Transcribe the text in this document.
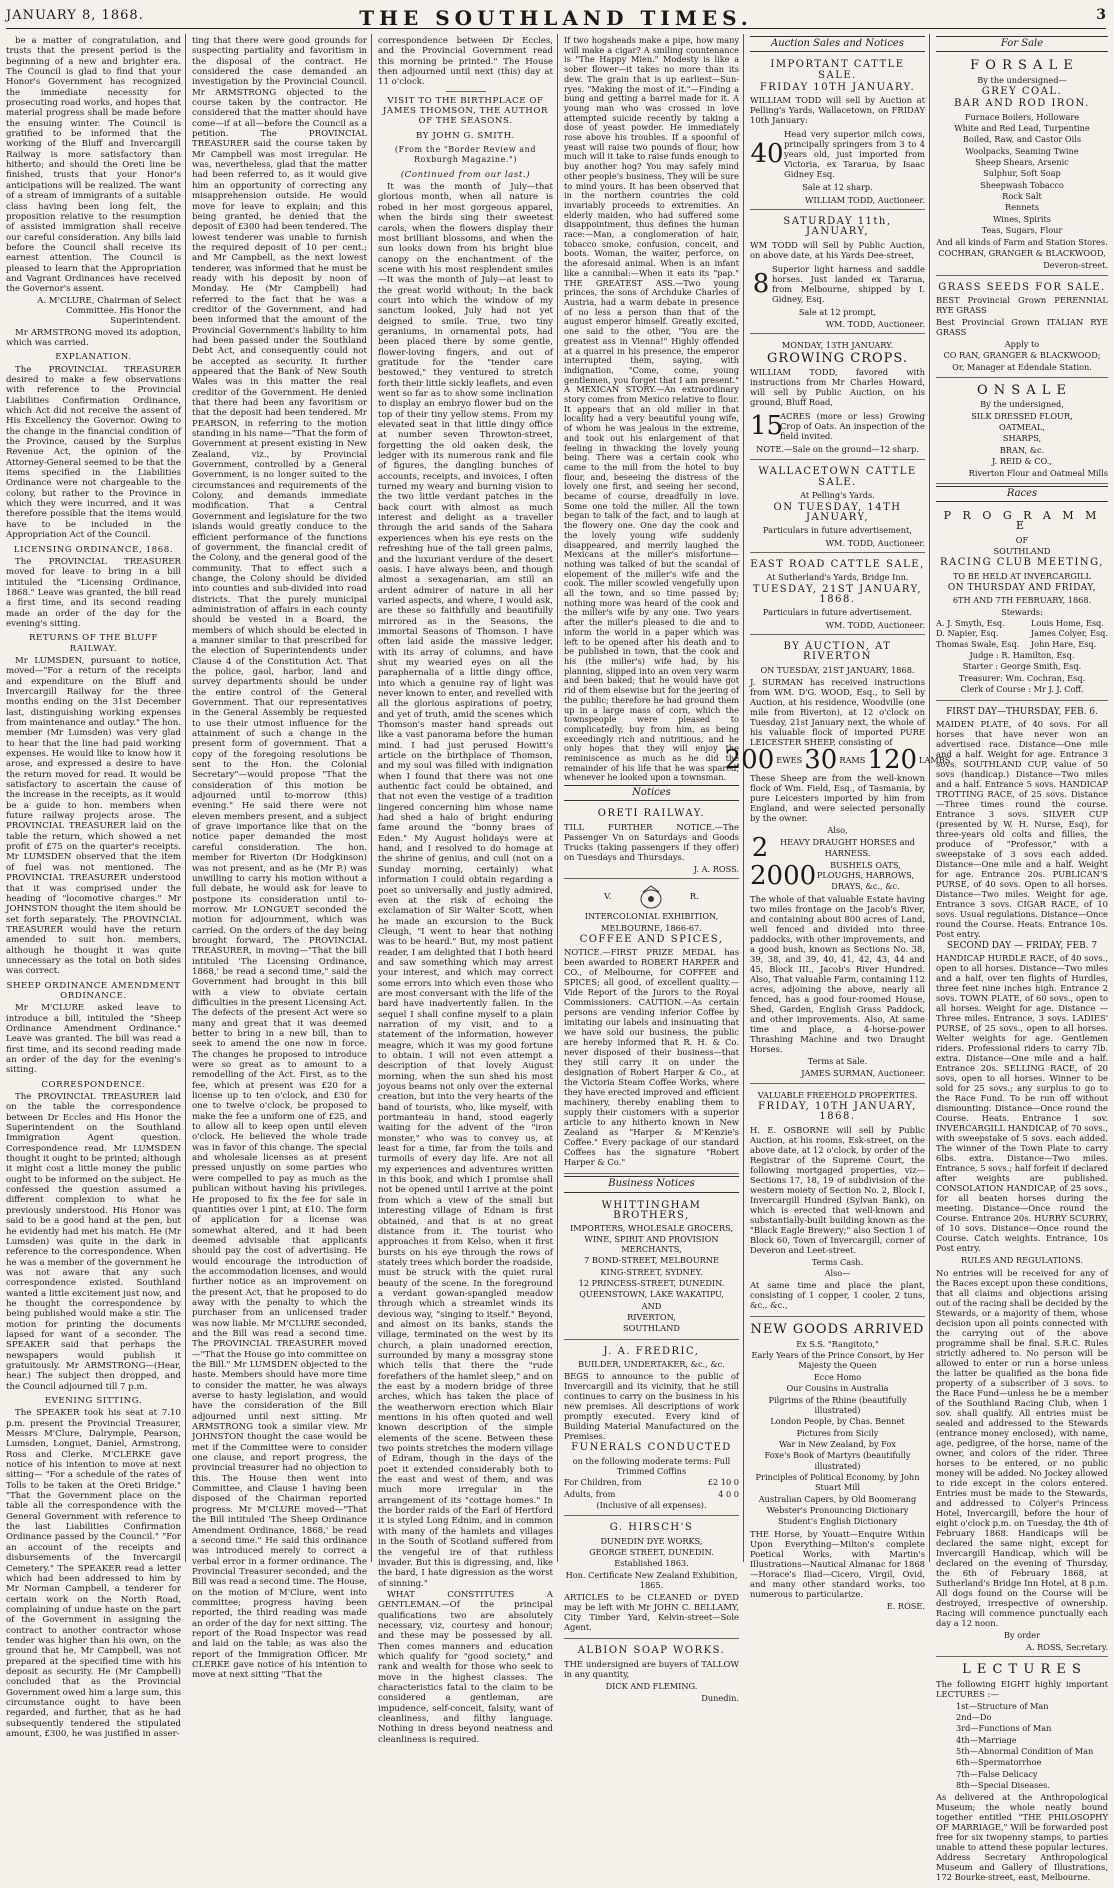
JANUARY 8, 1868.	THE SOUTHLAND TIMES.	3

be a matter of congratulation, and trusts that the present period is the beginning of a new and brighter era. The Council is glad to find that your Honor's Government has recognized the immediate necessity for prosecuting road works, and hopes that material progress shall be made before the ensuing winter. The Council is gratified to be informed that the working of the Bluff and Invercargill Railway is more satisfactory than hitherto; and should the Oreti line be finished, trusts that your Honor's anticipations will be realized. The want of a stream of immigrants of a suitable class having been long felt, the proposition relative to the resumption of assisted immigration shall receive our careful consideration. Any bills laid before the Council shall receive its earnest attention. The Council is pleased to learn that the Appropriation and Vagrant Ordinances have received the Governor's assent.

A. M'CLURE, Chairman of Select Committee. His Honor the Superintendent.

Mr ARMSTRONG moved its adoption, which was carried.

EXPLANATION.

The PROVINCIAL TREASURER desired to make a few observations with reference to the Provincial Liabilities Confirmation Ordinance, which Act did not receive the assent of His Excellency the Governor. Owing to the change in the financial condition of the Province, caused by the Surplus Revenue Act, the opinion of the Attorney-General seemed to be that the items specified in the Liabilities Ordinance were not chargeable to the colony, but rather to the Province in which they were incurred, and it was therefore possible that the items would have to be included in the Appropriation Act of the Council.

LICENSING ORDINANCE, 1868.

The PROVINCIAL TREASURER moved for leave to bring in a bill intituled the "Licensing Ordinance, 1868." Leave was granted, the bill read a first time, and its second reading made an order of the day for the evening's sitting.

RETURNS OF THE BLUFF RAILWAY.

Mr LUMSDEN, pursuant to notice, moved—"For a return of the receipts and expenditure on the Bluff and Invercargill Railway for the three months ending on the 31st December last, distinguishing working expenses from maintenance and outlay." The hon. member (Mr Lumsden) was very glad to hear that the line had paid working expenses. He would like to know how it arose, and expressed a desire to have the return moved for read. It would be satisfactory to ascertain the cause of the increase in the receipts, as it would be a guide to hon. members when future railway projects arose. The PROVINCIAL TREASURER laid on the table the return, which showed a net profit of £75 on the quarter's receipts. Mr LUMSDEN observed that the item of fuel was not mentioned. The PROVINCIAL TREASURER understood that it was comprised under the heading of "locomotive charges." Mr JOHNSTON thought the item should be set forth separately. The PROVINCIAL TREASURER would have the return amended to suit hon. members, although he thought it was quite unnecessary as the total on both sides was correct.

SHEEP ORDINANCE AMENDMENT ORDINANCE.

Mr M'CLURE asked leave to introduce a bill, intituled the "Sheep Ordinance Amendment Ordinance." Leave was granted. The bill was read a first time, and its second reading made an order of the day for the evening's sitting.

CORRESPONDENCE.

The PROVINCIAL TREASURER laid on the table the correspondence between Dr Eccles and His Honor the Superintendent on the Southland Immigration Agent question. Correspondence read. Mr LUMSDEN thought it ought to be printed; although it might cost a little money the public ought to be informed on the subject. He confessed the question assumed a different complexion to what he previously understood. His Honor was said to be a good hand at the pen, but he evidently had met his match. He (Mr Lumsden) was quite in the dark in reference to the correspondence. When he was a member of the government he was not aware that any such correspondence existed. Southland wanted a little excitement just now, and he thought the correspondence by being published would make a stir. The motion for printing the documents lapsed for want of a seconder. The SPEAKER said that perhaps the newspapers would publish it gratuitously. Mr ARMSTRONG—(Hear, hear.) The subject then dropped, and the Council adjourned till 7 p.m.

EVENING SITTING.

The SPEAKER took his seat at 7.10 p.m. present the Provincial Treasurer, Messrs M'Clure, Dalrymple, Pearson, Lumsden, Longuet, Daniel, Armstrong, Ross and Clerke. M'CLERKE gave notice of his intention to move at next sitting— "For a schedule of the rates of Tolls to be taken at the Oreti Bridge." "That the Government place on the table all the correspondence with the General Government with reference to the last Liabilities Confirmation Ordinance passed by the Council." "For an account of the receipts and disbursements of the Invercargil Cemetery." The SPEAKER read a letter which had been addressed to him by Mr Norman Campbell, a tenderer for certain work on the North Road, complaining of undue haste on the part of the Government in assigning the contract to another contractor whose tender was higher than his own, on the ground that he, Mr Campbell, was not prepared at the specified time with his deposit as security. He (Mr Campbell) concluded that as the Provincial Government owed him a large sum, this circumstance ought to have been regarded, and further, that as he had subsequently tendered the stipulated amount, £300, he was justified in asser-

ting that there were good grounds for suspecting partiality and favoritism in the disposal of the contract. He considered the case demanded an investigation by the Provincial Council. Mr ARMSTRONG objected to the course taken by the contractor. He considered that the matter should have come—if at all—before the Council as a petition. The PROVINCIAL TREASURER said the course taken by Mr Campbell was most irregular. He was, nevertheless, glad that the matter had been referred to, as it would give him an opportunity of correcting any misapprehension outside. He would move for leave to explain; and this being granted, he denied that the deposit of £300 had been tendered. The lowest tenderer was unable to furnish the required deposit of 10 per cent.; and Mr Campbell, as the next lowest tenderer, was informed that he must be ready with his deposit by noon of Monday. He (Mr Campbell) had referred to the fact that he was a creditor of the Government, and had been informed that the amount of the Provincial Government's liability to him had been passed under the Southland Debt Act, and consequently could not be accepted as security. It further appeared that the Bank of New South Wales was in this matter the real creditor of the Government. He denied that there had been any favoritism or that the deposit had been tendered. Mr PEARSON, in referring to the motion standing in his name—"That the form of Government at present existing in New Zealand, viz., by Provincial Government, controlled by a General Government, is no longer suited to the circumstances and requirements of the Colony, and demands immediate modification. That a Central Government and legislature for the two islands would greatly conduce to the efficient performance of the functions of government, the financial credit of the Colony, and the general good of the community. That to effect such a change, the Colony should be divided into counties and sub-divided into road districts. That the purely municipal administration of affairs in each county should be vested in a Board, the members of which should be elected in a manner similar to that prescribed for the election of Superintendents under Clause 4 of the Constitution Act. That the police, gaol, harbor, land and survey departments should be under the entire control of the General Government. That our representatives in the General Assembly be requested to use their utmost influence for the attainment of such a change in the present form of government. That a copy of the foregoing resolutions be sent to the Hon. the Colonial Secretary"—would propose "That the consideration of this motion be adjourned until to-morrow (this) evening." He said there were not eleven members present, and a subject of grave importance like that on the notice paper demanded the most careful consideration. The hon. member for Riverton (Dr Hodgkinson) was not present, and as he (Mr P.) was unwilling to carry his motion without a full debate, he would ask for leave to postpone its consideration until to-morrow. Mr LONGUET seconded the motion for adjournment, which was carried. On the orders of the day being brought forward, The PROVINCIAL TREASURER, in moving—"That the bill intituled 'The Licensing Ordinance, 1868,' be read a second time," said the Government had brought in this bill with a view to obviate certain difficulties in the present Licensing Act. The defects of the present Act were so many and great that it was deemed better to bring in a new bill, than to seek to amend the one now in force. The changes he proposed to introduce were so great as to amount to a remodelling of the Act. First, as to the fee, which at present was £20 for a license up to ten o'clock, and £30 for one to twelve o'clock, be proposed to make the fee a uniform one of £25, and to allow all to keep open until eleven o'clock. He believed the whole trade was in favor of this change. The special and wholesale licenses as at present pressed unjustly on some parties who were compelled to pay as much as the publican without having his privileges. He proposed to fix the fee for sale in quantities over 1 pint, at £10. The form of application for a license was somewhat altered, and it had been deemed advisable that applicants should pay the cost of advertising. He would encourage the introduction of the accommodation licenses, and would further notice as an improvement on the present Act, that he proposed to do away with the penalty to which the purchaser from an unlicensed trader was now liable. Mr M'CLURE seconded, and the Bill was read a second time. The PROVINCIAL TREASURER moved—"That the House go into committee on the Bill." Mr LUMSDEN objected to the haste. Members should have more time to consider the matter, he was always averse to hasty legislation, and would have the consideration of the Bill adjourned until next sitting. Mr ARMSTRONG took a similar view. Mr JOHNSTON thought the case would be met if the Committee were to consider one clause, and report progress, the provincial treasurer had no objection to this. The House then went into Committee, and Clause 1 having been disposed of the Chairman reported progress. Mr M'CLURE moved—"That the Bill intituled 'The Sheep Ordinance Amendment Ordinance, 1868,' be read a second time." He said this ordinance was introduced merely to correct a verbal error in a former ordinance. The Provincial Treasurer seconded, and the Bill was read a second time. The House, on the motion of M'Clure, went into committee; progress having been reported, the third reading was made an order of the day for next sitting. The report of the Road Inspector was read and laid on the table; as was also the report of the Immigration Officer. Mr CLERKE gave notice of his intention to move at next sitting "That the

correspondence between Dr Eccles, and the Provincial Government read this morning be printed." The House then adjourned until next (this) day at 11 o'clock.

VISIT TO THE BIRTHPLACE OF JAMES THOMSON, THE AUTHOR OF THE SEASONS.
BY JOHN G. SMITH.
(From the "Border Review and Roxburgh Magazine.")
(Continued from our last.)

It was the month of July—that glorious month, when all nature is robed in her most gorgeous apparel, when the birds sing their sweetest carols, when the flowers display their most brilliant blossoms, and when the sun looks down from his bright blue canopy on the enchantment of the scene with his most resplendent smiles—It was the month of July—at least to the great world without; In the back court into which the window of my sanctum looked, July had not yet deigned to smile. True, two tiny geraniums, in ornamental pots, had been placed there by some gentle, flower-loving fingers, and out of gratitude for the "tender care bestowed," they ventured to stretch forth their little sickly leaflets, and even went so far as to show some inclination to display an embryo flower bud on the top of their tiny yellow stems. From my elevated seat in that little dingy office at number seven Throwton-street, forgetting the old oaken desk, the ledger with its numerous rank and file of figures, the dangling bunches of accounts, receipts, and invoices, I often turned my weary and burning vision to the two little verdant patches in the back court with almost as much interest and delight as a traveller through the arid sands of the Sahara experiences when his eye rests on the refreshing hue of the tall green palms, and the luxuriant verdure of the desert oasis. I have always been, and though almost a sexagenarian, am still an ardent admirer of nature in all her varied aspects, and where, I would ask, are these so faithfully and beautifully mirrored as in the Seasons, the immortal Seasons of Thomson. I have often laid aside the massive ledger, with its array of columns, and have shut my wearied eyes on all the paraphernalia of a little dingy office, into which a genuine ray of light was never known to enter, and revelled with all the glorious aspirations of poetry, and yet of truth, amid the scenes which Thomson's master hand spreads out like a vast panorama before the human mind. I had just perused Howitt's article on the birthplace of Thomson, and my soul was filled with indignation when I found that there was not one authentic fact could be obtained, and that not even the vestige of a tradition lingered concerning him whose name had shed a halo of bright enduring fame around the "bonny braes of Eden." My August holidays were at hand, and I resolved to do homage at the shrine of genius, and cull (not on a Sunday morning, certainly) what information I could obtain regarding a poet so universally and justly admired, even at the risk of echoing the exclamation of Sir Walter Scott, when he made an excursion to the Buck Cleugh, "I went to hear that nothing was to be heard." But, my most patient reader, I am delighted that I both heard and saw something which may arrest your interest, and which may correct some errors into which even those who are most conversant with the life of the bard have inadvertently fallen. In the sequel I shall confine myself to a plain narration of my visit, and to a statement of the information, however meagre, which it was my good fortune to obtain. I will not even attempt a description of that lovely August morning, when the sun shed his most joyous beams not only over the external creation, but into the very hearts of the band of tourists, who, like myself, with portmanteau in hand, stood eagerly waiting for the advent of the "iron monster," who was to convey us, at least for a time, far from the toils and turmoils of every day life. Are not all my experiences and adventures written in this book, and which I promise shall not be opened until I arrive at the point from which a view of the small but interesting village of Ednam is first obtained, and that is at no great distance from it. The tourist who approaches it from Kelso, when it first bursts on his eye through the rows of stately trees which border the roadside, must be struck with the quiet rural beauty of the scene. In the foreground a verdant gowan-spangled meadow through which a streamlet winds its devious way, "singing to itself." Beyond, and almost on its banks, stands the village, terminated on the west by its church, a plain unadorned erection, surrounded by many a mossgray stone which tells that there the "rude forefathers of the hamlet sleep," and on the east by a modern bridge of three arches, which has taken the place of the weatherworn erection which Blair mentions in his often quoted and well known description of the simple elements of the scene. Between these two points stretches the modern village of Edram, though in the days of the poet it extended considerably both to the east and west of them, and was much more irregular in the arrangement of its "cottage homes." In the border raids of the Earl of Hertford it is styled Long Ednim, and in common with many of the hamlets and villages in the South of Scotland suffered from the vengeful ire of that ruthless invader. But this is digressing, and, like the bard, I hate digression as the worst of sinning."

WHAT CONSTITUTES A GENTLEMAN.—Of the principal qualifications two are absolutely necessary, viz, courtesy and honour; and these may be possessed by all. Then comes manners and education which qualify for "good society," and rank and wealth for those who seek to move in the highest classes. The characteristics fatal to the claim to be considered a gentleman, are impudence, self-conceit, falsity, want of cleanliness, and filthy language. Nothing in dress beyond neatness and cleanliness is required.

If two hogsheads make a pipe, how many will make a cigar? A smiling countenance is "The Happy Mien." Modesty is like a sober flower—it takes no more than its dew. The grain that is up earliest—Sun-ryes. "Making the most of it."—Finding a bung and getting a barrel made for it. A young man who was crossed in love attempted suicide recently by taking a dose of yeast powder. He immediately rose above his troubles. If a spoonful of yeast will raise two pounds of flour, how much will it take to raise funds enough to buy another hog? You may safely mind other people's business, They will be sure to mind yours. It has been observed that in the northern countries the cold invariably proceeds to extremities. An elderly maiden, who had suffered some disappointment, thus defines the human race:—Man, a conglomeration of hair, tobacco smoke, confusion, conceit, and boots. Woman, the waiter, perforce, on the aforesaid animal. When is an infant like a cannibal:—When it eats its "pap." THE GREATEST ASS.—Two young princes, the sons of Archduke Charles of Austria, had a warm debate in presence of no less a person than that of the august emperor himself. Greatly excited, one said to the other, "You are the greatest ass in Vienna!" Highly offended at a quarrel in his presence, the emperor interrupted them, saying, with indignation, "Come, come, young gentlemen, you forget that I am present." A MEXICAN STORY.—An extraordinary story comes from Mexico relative to flour. It appears that an old miller in that locality had a very beautiful young wife, of whom he was jealous in the extreme, and took out his enlargement of that feeling in thwacking the lovely young being. There was a certain cook who came to the mill from the hotel to buy flour, and, beseeing the distress of the lovely one first, and seeing her second, became of course, dreadfully in love. Some one told the miller. All the town began to talk of the fact, and to laugh at the flowery one. One day the cook and the lovely young wife suddenly disappeared, and merrily laughed the Mexicans at the miller's misfortune—nothing was talked of but the scandal of elopement of the miller's wife and the cook. The miller scowled vengefully upon all the town, and so time passed by; nothing more was heard of the cook and the miller's wife by any one. Two years after the miller's pleased to die and to inform the world in a paper which was left to be opened after his death and to be published in town, that the cook and his (the miller's) wife had, by his planning, slipped into an oven very warm and been baked; that he would have got rid of them elsewise but for the jeering of the public; therefore he had ground them up in a large mass of corn, which the townspeople were pleased to complicatedly, buy from him, as being exceedingly rich and nutritious, and he only hopes that they will enjoy the reminiscence as much as he did the remainder of his life that he was spared, whenever he looked upon a townsman.

Notices
ORETI RAILWAY.
TILL FURTHER NOTICE.—The Passenger Vn on Saturdays and Goods Trucks (taking passengers if they offer) on Tuesdays and Thursdays.
J. A. ROSS.
V.	R.
INTERCOLONIAL EXHIBITION,
MELBOURNE, 1866-67.
COFFEE AND SPICES,
NOTICE.—FIRST PRIZE MEDAL has been awarded to ROBERT HARPER and CO., of Melbourne, for COFFEE and SPICES; all good, of excellent quality.—Vide Report of the Jurors to the Royal Commissioners. CAUTION.—As certain persons are vending inferior Coffee by imitating our labels and insinuating that we have sold our business, the public are hereby informed that R. H. & Co. never disposed of their business—that they still carry it on under the designation of Robert Harper & Co., at the Victoria Steam Coffee Works, where they have erected improved and efficient machinery, thereby enabling them to supply their customers with a superior article to any hitherto known in New Zealand as "Harper & M'Kenzie's Coffee." Every package of our standard Coffees has the signature "Robert Harper & Co."
Business Notices
WHITTINGHAM BROTHERS,
IMPORTERS, WHOLESALE GROCERS, WINE, SPIRIT AND PROVISION MERCHANTS,
7 BOND-STREET, MELBOURNE
KING-STREET, SYDNEY.
12 PRINCESS-STREET, DUNEDIN.
QUEENSTOWN, LAKE WAKATIPU,
AND
RIVERTON,
SOUTHLAND
J. A. FREDRIC,
BUILDER, UNDERTAKER, &c., &c.
BEGS to announce to the public of Invercargill and its vicinity, that he still continues to carry on the business in his new premises. All descriptions of work promptly executed. Every kind of Building Material Manufactured on the Premises.
FUNERALS CONDUCTED
on the following moderate terms: Full Trimmed Coffins
For Children, from	£2 10 0
Adults, from	4 0 0
(Inclusive of all expenses).
G. HIRSCH'S
DUNEDIN DYE WORKS,
GEORGE STREET, DUNEDIN.
Established 1863.
Hon. Certificate New Zealand Exhibition, 1865.
ARTICLES to be CLEANED or DYED may be left with Mr JOHN C. BELLAMY, City Timber Yard, Kelvin-street—Sole Agent.
ALBION SOAP WORKS.
THE undersigned are buyers of TALLOW in any quantity,
DICK AND FLEMING.
Dunedin.
Auction Sales and Notices
IMPORTANT CATTLE SALE.
FRIDAY 10TH JANUARY.
WILLIAM TODD will sell by Auction at Pelling's Yards, Wallacetown, on FRIDAY 10th January:
40
Head very superior milch cows, principally springers from 3 to 4 years old, just imported from Victoria, ex Tararua, by Isaac Gidney Esq.
Sale at 12 sharp.
WILLIAM TODD, Auctioneer.
SATURDAY 11th, JANUARY,
WM TODD will Sell by Public Auction, on above date, at his Yards Dee-street,
8 Superior light harness and saddle horses. Just landed ex Tararua, from Melbourne, shipped by I. Gidney, Esq.
Sale at 12 prompt,
WM. TODD, Auctioneer.
MONDAY, 13TH JANUARY.
GROWING CROPS.
WILLIAM TODD, favored with instructions from Mr Charles Howard, will sell by Public Auction, on his ground, Bluff Road,
15
ACRES (more or less) Growing Crop of Oats. An inspection of the field invited.
NOTE.—Sale on the ground—12 sharp.
WALLACETOWN CATTLE SALE.
At Pelling's Yards.
ON TUESDAY, 14TH JANUARY,
Particulars in future advertisement,
WM. TODD, Auctioneer.
EAST ROAD CATTLE SALE,
At Sutherland's Yards, Bridge Inn.
TUESDAY, 21ST JANUARY, 1868.
Particulars in future advertisement.
WM. TODD, Auctioneer.
BY AUCTION, AT RIVERTON
ON TUESDAY, 21ST JANUARY, 1868.
J. SURMAN has received instructions from WM. D'G. WOOD, Esq., to Sell by Auction, at his residence, Woodville (one mile from Riverton), at 12 o'clock on Tuesday, 21st January next, the whole of his valuable flock of imported PURE LEICESTER SHEEP, consisting of
200 EWES 30 RAMS 120 LAMBS
These Sheep are from the well-known flock of Wm. Field, Esq., of Tasmania, by pure Leicesters imported by him from England, and were selected personally by the owner.
Also,
2	HEAVY DRAUGHT HORSES and HARNESS.
2000	BUSHELS OATS, PLOUGHS, HARROWS, DRAYS, &c., &c.
The whole of that valuable Estate having two miles frontage on the Jacob's River, and containing about 800 acres of Land, well fenced and divided into three paddocks, with other improvements, and a good bush, known as Sections No. 38, 39, 38, and 39, 40, 41, 42, 43, 44 and 45, Block III., Jacob's River Hundred. Also, That valuable Farm, containing 112 acres, adjoining the above, nearly all fenced, has a good four-roomed House, Shed, Garden, English Grass Paddock, and other improvements. Also, At same time and place, a 4-horse-power Thrashing Machine and two Draught Horses.
Terms at Sale.
JAMES SURMAN, Auctioneer.
VALUABLE FREEHOLD PROPERTIES.
FRIDAY, 10TH JANUARY, 1868.
H. E. OSBORNE will sell by Public Auction, at his rooms, Esk-street, on the above date, at 12 o'clock, by order of the Registrar of the Supreme Court, the following mortgaged properties, viz— Sections 17, 18, 19 of subdivision of the western moiety of Section No. 2, Block I, Invercargill Hundred (Sylvan Bank), on which is erected that well-known and substantially-built building known as the "Black Eagle Brewery;" also Section 1 of Block 60, Town of Invercargill, corner of Deveron and Leet-street.
Terms Cash.
Also—
At same time and place the plant, consisting of 1 copper, 1 cooler, 2 tuns, &c., &c.,
NEW GOODS ARRIVED
Ex S.S. "Rangitoto,"
Early Years of the Prince Consort, by Her Majesty the Queen
Ecce Homo
Our Cousins in Australia
Pilgrims of the Rhine (beautifully illustrated)
London People, by Chas. Bennet
Pictures from Sicily
War in New Zealand, by Fox
Foxe's Book of Martyrs (beautifully illustrated)
Principles of Political Economy, by John Stuart Mill
Australian Capers, by Old Boomerang
Webster's Pronouncing Dictionary
Student's English Dictionary
THE Horse, by Youatt—Enquire Within Upon Everything—Milton's complete Poetical Works, with Martin's Illustrations—Nautical Almanac for 1868—Horace's Iliad—Cicero, Virgil, Ovid, and many other standard works, too numerous to particularize.
E. ROSE.
For Sale
F O R S A L E
By the undersigned—
GREY COAL.
BAR AND ROD IRON.
Furnace Boilers, Holloware
White and Red Lead, Turpentine
Boiled, Raw, and Castor Oils
Woolpacks, Seaming Twine
Sheep Shears, Arsenic
Sulphur, Soft Soap
Sheepwash Tobacco
Rock Salt
Rennets
Wines, Spirits
Teas, Sugars, Flour
And all kinds of Farm and Station Stores.
COCHRAN, GRANGER & BLACKWOOD,
Deveron-street.
GRASS SEEDS FOR SALE.
BEST Provincial Grown PERENNIAL RYE GRASS
Best Provincial Grown ITALIAN RYE GRASS
Apply to
CO RAN, GRANGER & BLACKWOOD;
Or, Manager at Edendale Station.
O N S A L E
By the undersigned,
SILK DRESSED FLOUR,
OATMEAL,
SHARPS,
BRAN, &c.
J. REID & CO.,
Riverton Flour and Oatmeal Mills
Races
P R O G R A M M E
OF
SOUTHLAND
RACING CLUB MEETING,
TO BE HELD AT INVERCARGILL
ON THURSDAY AND FRIDAY,
6TH AND 7TH FEBRUARY, 1868.
Stewards:
A. J. Smyth, Esq.
D. Napier, Esq.
Thomas Swale, Esq.
Louis Home, Esq.
James Colyer, Esq.
John Hare, Esq.
Judge : R. Hamilton, Esq.
Starter : George Smith, Esq.
Treasurer: Wm. Cochran, Esq.
Clerk of Course : Mr J. J. Coff.
FIRST DAY—THURSDAY, FEB. 6.
MAIDEN PLATE, of 40 sovs. For all horses that have never won an advertised race. Distance—One mile and a half. Weight for age. Entrance 3 sovs. SOUTHLAND CUP, value of 50 sovs (handicap.) Distance—Two miles and a half. Entrance 5 sovs. HANDICAP TROTTING RACE, of 25 sovs. Distance—Three times round the course. Entrance 3 sovs. SILVER CUP (presented by W. H. Nurse, Esq), for three-years old colts and fillies, the produce of "Professor," with a sweepstake of 3 sovs each added. Distance—One mile and a half. Weight for age. Entrance 20s. PUBLICAN'S PURSE, of 40 sovs. Open to all horses. Distance—Two miles. Weight for age. Entrance 3 sovs. CIGAR RACE, of 10 sovs. Usual regulations. Distance—Once round the Course. Heats. Entrance 10s. Post entry.
SECOND DAY — FRIDAY, FEB. 7
HANDICAP HURDLE RACE, of 40 sovs., open to all horses. Distance—Two miles and a half, over ten flights of Hurdles, three feet nine inches high. Entrance 2 sovs. TOWN PLATE, of 60 sovs., open to all horses. Weight for age. Distance — Three miles. Entrance, 3 sovs. LADIES' PURSE, of 25 sovs., open to all horses. Welter weights for age. Gentlemen riders. Professional riders to carry 7lb. extra. Distance—One mile and a half. Entrance 20s. SELLING RACE, of 20 sovs, open to all horses. Winner to be sold for 25 sovs.; any surplus to go to the Race Fund. To be run off without dismounting. Distance—Once round the Course. Heats. Entrance 1 sov. INVERCARGILL HANDICAP, of 70 sovs., with sweepstake of 5 sovs. each added. The winner of the Town Plate to carry 6lbs. extra. Distance—Two miles. Entrance, 5 sovs.; half forfeit if declared after weights are published. CONSOLATION HANDICAP, of 25 sovs., for all beaten horses during the meeting. Distance—Once round the Course. Entrance 20s. HURRY SCURRY, of 10 sovs. Distance—Once round the Course. Catch weights. Entrance, 10s Post entry.
RULES AND REGULATIONS.
No entries will be received for any of the Races except upon these conditions, that all claims and objections arising out of the racing shall be decided by the Stewards, or a majority of them, whose decision upon all points connected with the carrying out of the above programme shall be final. S.R.C. Rules strictly adhered to. No person will be allowed to enter or run a horse unless the latter be qualified as the bona fide property of a subscriber of 3 sovs. to the Race Fund—unless he be a member of the Southland Racing Club, when 1 sov. shall qualify. All entries must be sealed and addressed to the Stewards (entrance money enclosed), with name, age, pedigree, of the horse, name of the owner, and colors of the rider. Three horses to be entered, or no public money will be added. No Jockey allowed to ride except in the colors entered. Entries must be made to the Stewards, and addressed to Colyer's Princess Hotel, Invercargill, before the hour of eight o'clock p.m. on Tuesday, the 4th of February 1868. Handicaps will be declared the same night, except for Invercargill Handicap, which will be declared on the evening of Thursday, the 6th of February 1868, at Sutherland's Bridge Inn Hotel, at 8 p.m. All dogs found on the Course will be destroyed, irrespective of ownership. Racing will commence punctually each day a 12 noon.
By order
A. ROSS, Secretary.
L E C T U R E S
The following EIGHT highly important LECTURES :—
1st—Structure of Man
2nd—Do
3rd—Functions of Man
4th—Marriage
5th—Abnormal Condition of Man
6th—Spermatorrhoe
7th—False Delicacy
8th—Special Diseases.
As delivered at the Anthropological Museum; the whole neatly bound together entitled "THE PHILOSOPHY OF MARRIAGE," Will be forwarded post free for six twopenny stamps, to parties unable to attend these popular lectures. Address Secretary Anthropological Museum and Gallery of Illustrations, 172 Bourke-street, east, Melbourne.
